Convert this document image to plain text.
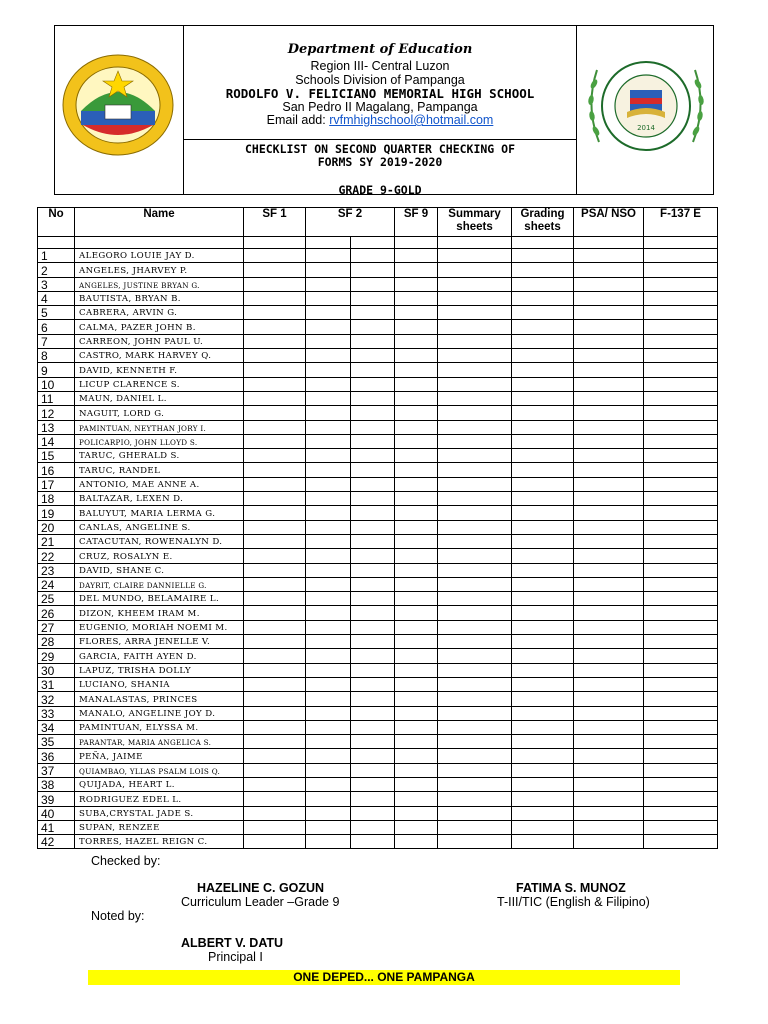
Department of Education
Region III- Central Luzon
Schools Division of Pampanga
RODOLFO V. FELICIANO MEMORIAL HIGH SCHOOL
San Pedro II Magalang, Pampanga
Email add: rvfmhighschool@hotmail.com
CHECKLIST ON SECOND QUARTER CHECKING OF
FORMS SY 2019-2020
GRADE 9-GOLD
2014
No	Name	SF 1	SF 2		SF 9	Summary sheets	Grading sheets	PSA/ NSO	F-137 E

1	ALEGORO LOUIE JAY D.								
2	ANGELES, JHARVEY P.								
3	ANGELES, JUSTINE BRYAN G.								
4	BAUTISTA, BRYAN B.								
5	CABRERA, ARVIN G.								
6	CALMA, PAZER JOHN B.								
7	CARREON, JOHN PAUL U.								
8	CASTRO, MARK HARVEY Q.								
9	DAVID, KENNETH F.								
10	LICUP CLARENCE S.								
11	MAUN, DANIEL L.								
12	NAGUIT, LORD G.								
13	PAMINTUAN, NEYTHAN JORY I.								
14	POLICARPIO, JOHN LLOYD S.								
15	TARUC, GHERALD S.								
16	TARUC, RANDEL								
17	ANTONIO, MAE ANNE A.								
18	BALTAZAR, LEXEN D.								
19	BALUYUT, MARIA LERMA G.								
20	CANLAS, ANGELINE S.								
21	CATACUTAN, ROWENALYN D.								
22	CRUZ, ROSALYN E.								
23	DAVID, SHANE C.								
24	DAYRIT, CLAIRE DANNIELLE G.								
25	DEL MUNDO, BELAMAIRE L.								
26	DIZON, KHEEM IRAM M.								
27	EUGENIO, MORIAH NOEMI M.								
28	FLORES, ARRA JENELLE V.								
29	GARCIA, FAITH AYEN D.								
30	LAPUZ, TRISHA DOLLY								
31	LUCIANO, SHANIA								
32	MANALASTAS, PRINCES								
33	MANALO, ANGELINE JOY D.								
34	PAMINTUAN, ELYSSA M.								
35	PARANTAR, MARIA ANGELICA S.								
36	PEÑA, JAIME								
37	QUIAMBAO, YLLAS PSALM LOIS Q.								
38	QUIJADA, HEART L.								
39	RODRIGUEZ EDEL L.								
40	SUBA,CRYSTAL JADE S.								
41	SUPAN, RENZEE								
42	TORRES, HAZEL REIGN C.								
Checked by:
HAZELINE C. GOZUN
Curriculum Leader –Grade 9
FATIMA S. MUNOZ
T-III/TIC (English & Filipino)
Noted by:
ALBERT V. DATU
Principal I
ONE DEPED... ONE PAMPANGA
